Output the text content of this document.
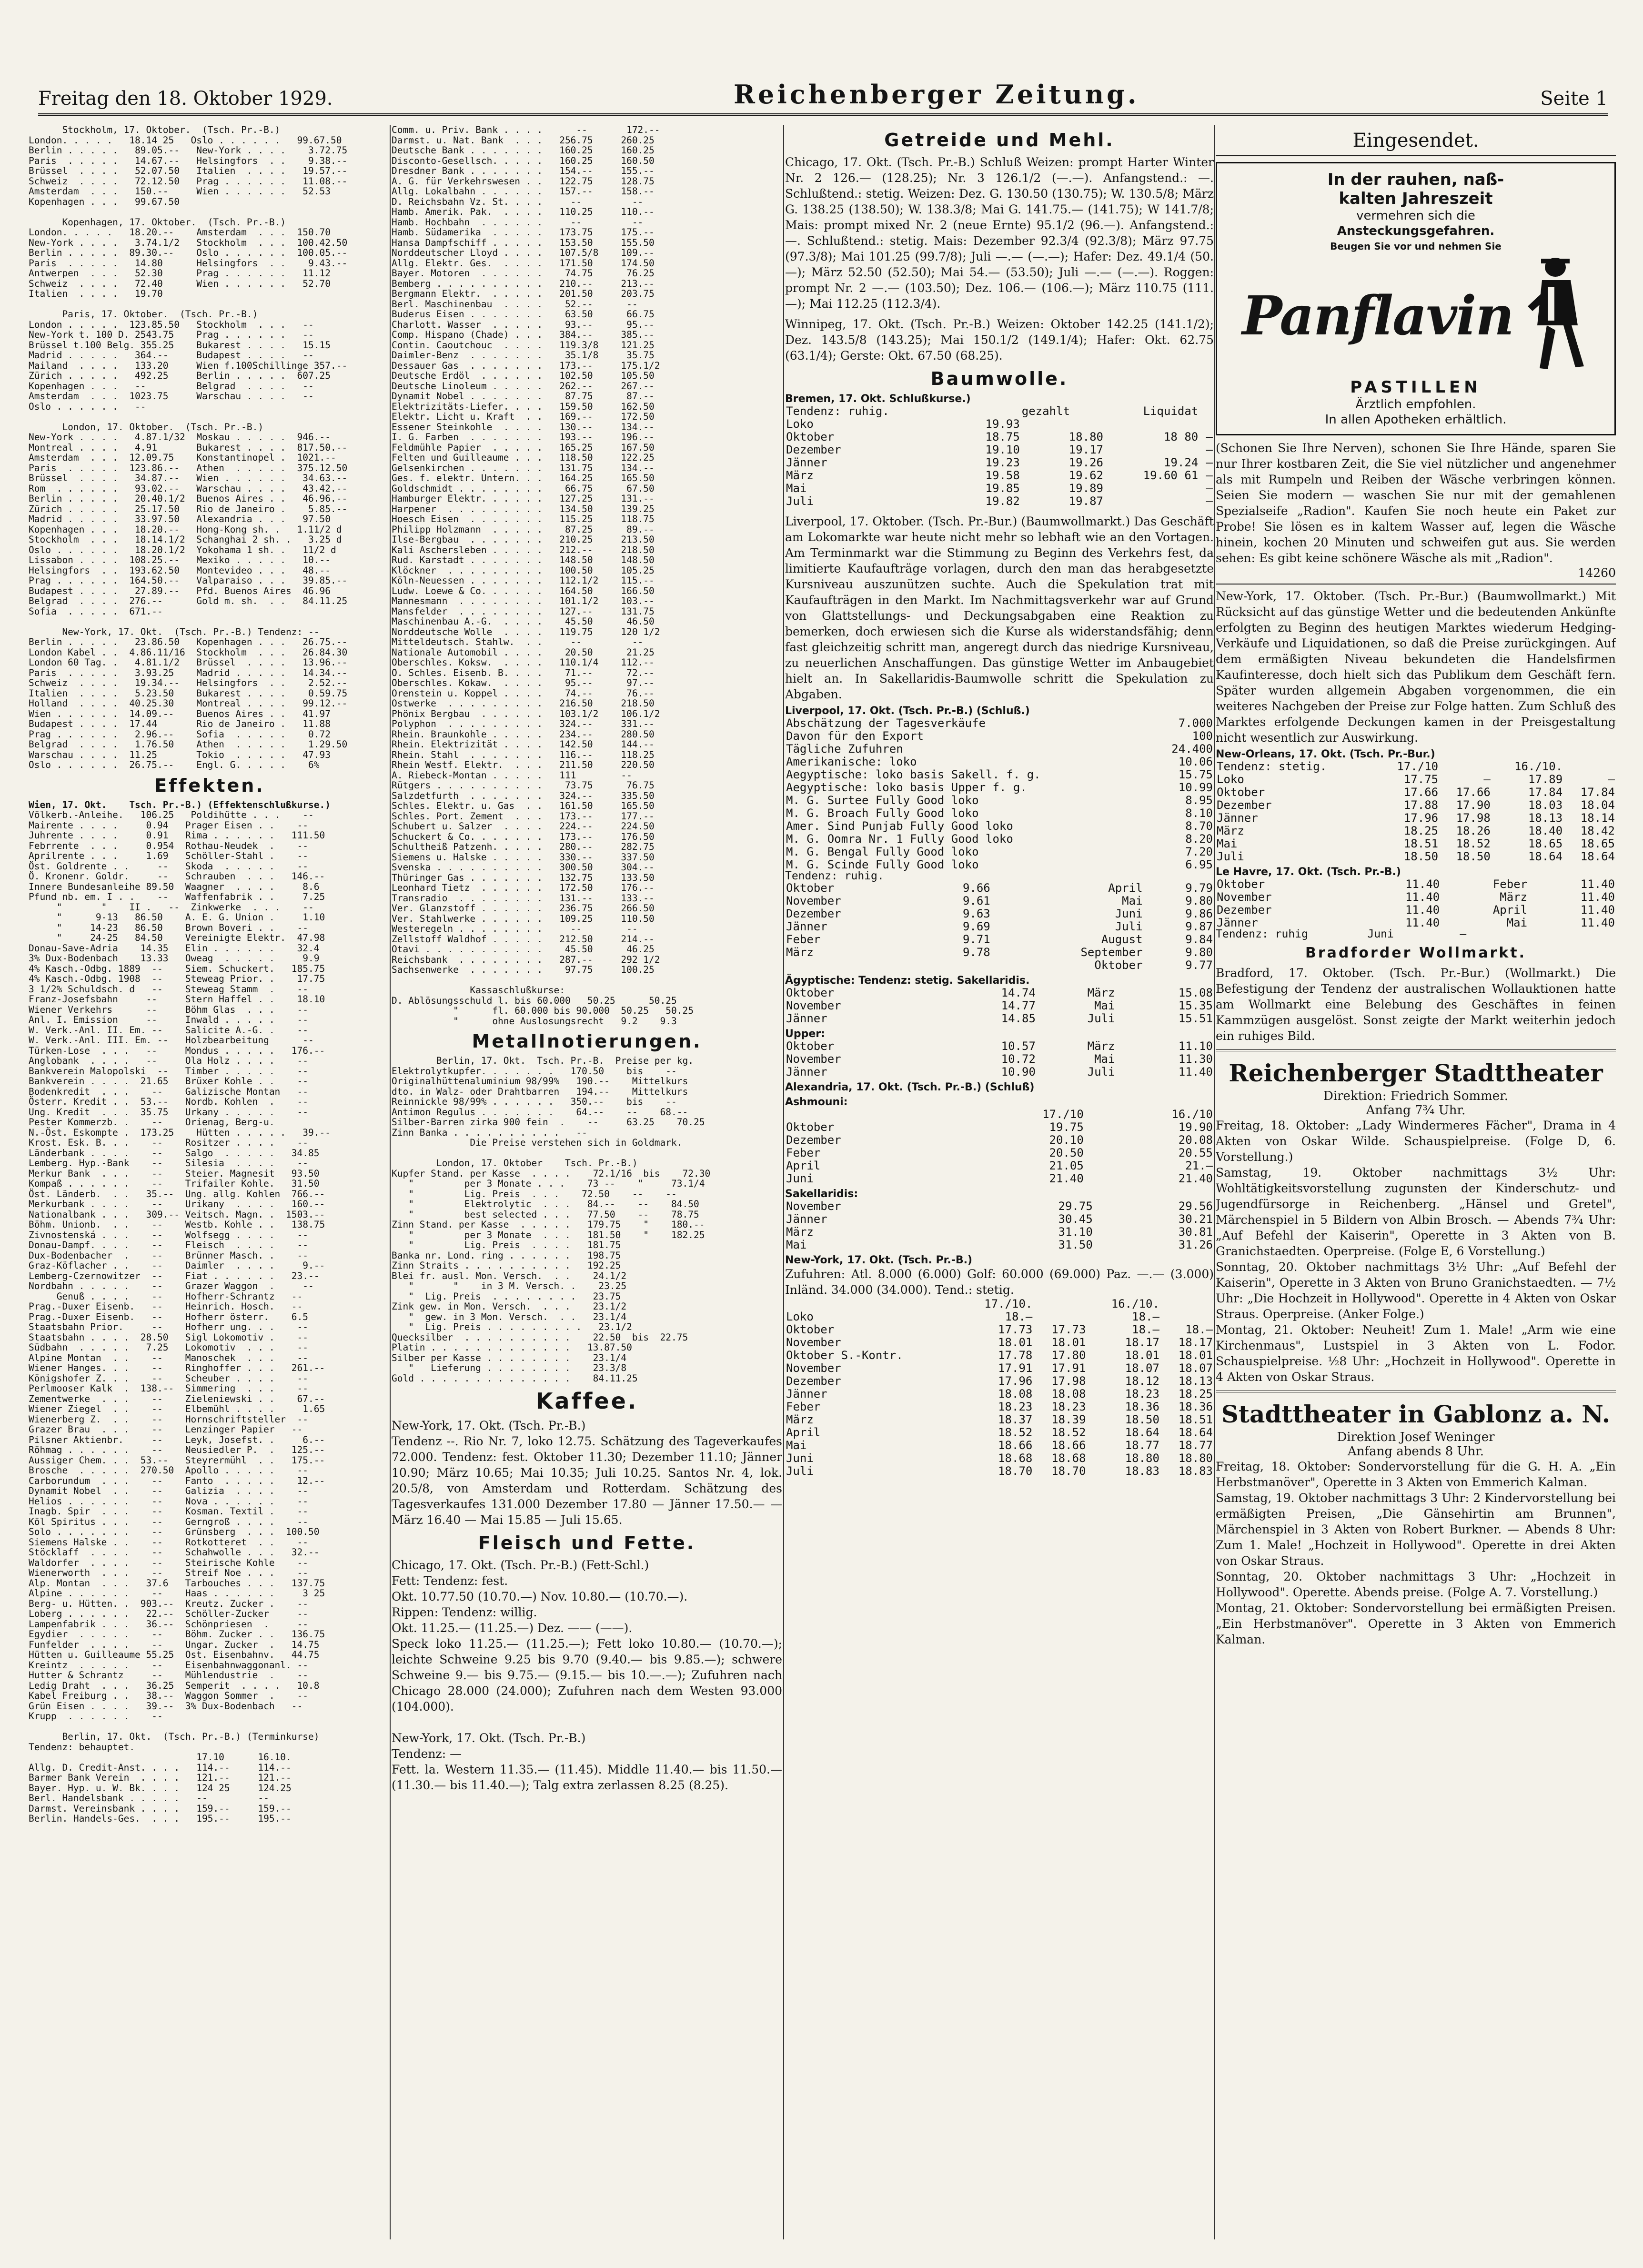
Freitag den 18. Oktober 1929.	Reichenberger Zeitung.	Seite 1
Stockholm, 17. Oktober.  (Tsch. Pr.-B.)
London. . . . .   18.14 25   Oslo . . . . . .   99.67.50
Berlin . . . . .   89.05.--   New-York . . . .    3.72.75
Paris  . . . . .   14.67.--   Helsingfors  . .    9.38.--
Brüssel  . . . .   52.07.50   Italien  . . . .   19.57.--
Schweiz  . . . .   72.12.50   Prag . . . . . .   11.08.--
Amsterdam  . . .   150.--     Wien . . . . . .   52.53
Kopenhagen . . .   99.67.50

Kopenhagen, 17. Oktober.  (Tsch. Pr.-B.)
London. . . . .   18.20.--    Amsterdam  . . .  150.70
New-York . . . .   3.74.1/2   Stockholm  . . .  100.42.50
Berlin . . . . .  89.30.--    Oslo . . . . . .  100.05.--
Paris  . . . . .   14.80      Helsingfors  . .    9.43.--
Antwerpen  . . .   52.30      Prag . . . . . .   11.12
Schweiz  . . . .   72.40      Wien . . . . . .   52.70
Italien  . . . .   19.70

Paris, 17. Oktober.  (Tsch. Pr.-B.)
London . . . . .  123.85.50   Stockholm  . . .   --
New-York t. 100 D. 2543.75    Prag . . . . . .   --
Brüssel t.100 Belg. 355.25    Bukarest . . . .   15.15
Madrid . . . . .   364.--     Budapest . . . .   --
Mailand  . . . .   133.20     Wien f.100Schillinge 357.--
Zürich . . . . .   492.25     Berlin . . . . .  607.25
Kopenhagen . . .   --         Belgrad  . . . .   --
Amsterdam  . . .  1023.75     Warschau . . . .   --
Oslo . . . . . .   --

London, 17. Oktober.  (Tsch. Pr.-B.)
New-York . . . .   4.87.1/32  Moskau . . . . .  946.--
Montreal . . . .   4.91       Bukarest . . . .  817.50.--
Amsterdam  . . .  12.09.75    Konstantinopel .  1021.--
Paris  . . . . .  123.86.--   Athen  . . . . .  375.12.50
Brüssel  . . . .   34.87.--   Wien . . . . . .   34.63.--
Rom  . . . . . .   93.02.--   Warschau . . . .   43.42.--
Berlin . . . . .   20.40.1/2  Buenos Aires . .   46.96.--
Zürich . . . . .   25.17.50   Rio de Janeiro .    5.85.--
Madrid . . . . .   33.97.50   Alexandria . . .   97.50
Kopenhagen . . .   18.20.--   Hong-Kong sh. .   1.11/2 d
Stockholm  . . .   18.14.1/2  Schanghai 2 sh. .   3.25 d
Oslo . . . . . .   18.20.1/2  Yokohama 1 sh. .   11/2 d
Lissabon . . . .  108.25.--   Mexiko . . . . .   10.--
Helsingfors  . .  193.62.50   Montevideo . . .   48.--
Prag . . . . . .  164.50.--   Valparaiso . . .   39.85.--
Budapest . . . .   27.89.--   Pfd. Buenos Aires  46.96
Belgrad  . . . .  276.--      Gold m. sh.  . .   84.11.25
Sofia  . . . . .  671.--

New-York, 17. Okt.  (Tsch. Pr.-B.) Tendenz: --
Berlin . . . . .   23.86.50   Kopenhagen . . .   26.75.--
London Kabel . .  4.86.11/16  Stockholm  . . .   26.84.30
London 60 Tag. .   4.81.1/2   Brüssel  . . . .   13.96.--
Paris  . . . . .   3.93.25    Madrid . . . . .   14.34.--
Schweiz  . . . .   19.34.--   Helsingfors  . .    2.52.--
Italien  . . . .   5.23.50    Bukarest . . . .    0.59.75
Holland  . . . .  40.25.30    Montreal . . . .   99.12.--
Wien . . . . . .  14.09.--    Buenos Aires . .   41.97
Budapest . . . .  17.44       Rio de Janeiro .   11.88
Prag . . . . . .   2.96.--    Sofia  . . . . .    0.72
Belgrad  . . . .   1.76.50    Athen  . . . . .    1.29.50
Warschau . . . .  11.25       Tokio  . . . . .   47.93
Oslo . . . . . .  26.75.--    Engl. G. . . . .    6%
Effekten.
Wien, 17. Okt.    Tsch. Pr.-B.) (Effektenschlußkurse.)
Völkerb.-Anleihe.   106.25   Poldihütte . . .    --
Mairente . . . .     0.94   Prager Eisen . .    --
Juhrente . . . .     0.91   Rima . . . . . .   111.50
Febrrente  . . .     0.954  Rothau-Neudek  .    --
Aprilrente . . .     1.69   Schöller-Stahl .    --
Öst. Goldrente . .     --   Skoda  . . . . .    --
Ö. Kronenr. Goldr.     --   Schrauben  . . .   146.--
Innere Bundesanleihe 89.50  Waagner  . . . .     8.6
Pfund nb. em. I . .    --   Waffenfabrik . .     7.25
"       "    II .   --  Zinkwerke  . . .    --
"      9-13   86.50    A. E. G. Union .     1.10
"     14-23   86.50    Brown Boveri . .    --
"     24-25   84.50    Vereinigte Elektr.  47.98
Donau-Save-Adria    14.35   Elin . . . . . .    32.4
3% Dux-Bodenbach    13.33   Oweag  . . . . .     9.9
4% Kasch.-Odbg. 1889  --    Siem. Schuckert.   185.75
4% Kasch.-Odbg. 1908  --    Steweag Prior. .    17.75
3 1/2% Schuldsch. d   --    Steweag Stamm  .    --
Franz-Josefsbahn     --     Stern Haffel . .    18.10
Wiener Verkehrs      --     Böhm Glas  . . .    --
Anl. I. Emission     --     Inwald . . . . .    --
W. Verk.-Anl. II. Em. --    Salicite A.-G. .    --
W. Verk.-Anl. III. Em. --   Holzbearbeitung      --
Türken-Lose  . . .   --     Mondus . . . . .   176.--
Anglobank  . . . .   --     Ola Holz . . . .    --
Bankverein Malopolski  --   Timber . . . . .    --
Bankverein . . . .  21.65   Brüxer Kohle . .    --
Bodenkredit  . . .    --    Galizische Montan   --
Österr. Kredit . .  53.--   Nordb. Kohlen  .    --
Ung. Kredit  . . .  35.75   Urkany . . . . .    --
Pester Kommerzb. .    --    Orienag, Berg-u.
N.-Öst. Eskompte .  173.25    Hütten . . . . .   39.--
Krost. Esk. B. . .    --    Rositzer . . . .    --
Länderbank . . . .    --    Salgo  . . . . .   34.85
Lemberg. Hyp.-Bank    --    Silesia  . . . .    --
Merkur Bank  . . .    --    Steier. Magnesit   93.50
Kompaß . . . . . .    --    Trifailer Kohle.   31.50
Öst. Länderb.  . .   35.--  Ung. allg. Kohlen  766.--
Merkurbank . . . .    --    Urikany  . . . .   160.--
Nationalbank . . .   309.-- Veitsch. Magn. .  1503.--
Böhm. Unionb.  . .    --    Westb. Kohle . .   138.75
Zivnostenská . . .    --    Wolfsegg . . . .    --
Donau-Dampf. . . .    --    Fleisch  . . . .    --
Dux-Bodenbacher  .    --    Brünner Masch. .    --
Graz-Köflacher . .    --    Daimler  . . . .     9.--
Lemberg-Czernowitzer  --    Fiat . . . . . .   23.--
Nordbahn . . . . .    --    Grazer Waggon  .     --
Genuß . . . .    --    Hofherr-Schrantz   --
Prag.-Duxer Eisenb.   --    Heinrich. Hosch.   --
Prag.-Duxer Eisenb.   --    Hofherr österr.    6.5
Staatsbahn Prior.     --    Hofherr ung. . .    --
Staatsbahn . . . .  28.50   Sigl Lokomotiv .    --
Südbahn  . . . . .   7.25   Lokomotiv  . . .    --
Alpine Montan  . .    --    Manoschek  . . .    --
Wiener Hanges. . .    --    Ringhoffer . . .   261.--
Königshofer Z. . .    --    Scheuber . . . .    --
Perlmooser Kalk  .  138.--  Simmering  . . .    --
Zementwerke  . . .    --    Zieleniewski . .    67.--
Wiener Ziegel  . .    --    Elbemühl . . . .     1.65
Wienerberg Z.  . .    --    Hornschriftsteller  --
Grazer Brau  . . .    --    Lenzinger Papier   --
Pilsner Aktienbr.     --    Leyk, Josefst. .     6.--
Röhmag . . . . . .    --    Neusiedler P.  .   125.--
Aussiger Chem. . .  53.--   Steyrermühl  . .   175.--
Brosche  . . . . .  270.50  Apollo . . . . .    --
Carborundum  . . .    --    Fanto  . . . . .    12.--
Dynamit Nobel  . .    --    Galizia  . . . .    --
Helios . . . . . .    --    Nova . . . . . .    --
Inagb. Spir  . . .    --    Kosman. Textil .    --
Köl Spiritus . . .    --    Gerngroß . . . .    --
Solo . . . . . . .    --    Grünsberg  . . .  100.50
Siemens Halske . .    --    Rotkotteret  . .    --
Stöcklaff  . . . .    --    Schahwolle . . .   32.--
Waldorfer  . . . .    --    Steirische Kohle    --
Wienerworth  . . .    --    Streif Noe . . .    --
Alp. Montan  . . .   37.6   Tarbouches . . .   137.75
Alpine . . . . . .    --    Haas . . . . . .     3 25
Berg- u. Hütten. .  903.--  Kreutz. Zucker .    --
Loberg . . . . . .   22.--  Schöller-Zucker     --
Lampenfabrik . . .   36.--  Schönpriesen  .     --
Egydier  . . . . .    --    Böhm. Zucker . .   136.75
Funfelder  . . . .    --    Ungar. Zucker  .   14.75
Hütten u. Guilleaume 55.25  Ost. Eisenbahnv.   44.75
Kreintz  . . . . .    --    Eisenbahnwaggonanl. --
Hutter & Schrantz     --    Mühlendustrie  .    --
Ledig Draht  . . .   36.25  Semperit  . . . .   10.8
Kabel Freiburg . .   38.--  Waggon Sommer  .    --
Grün Eisen . . . .   39.--  3% Dux-Bodenbach   --
Krupp  . . . . . .    --

Berlin, 17. Okt.  (Tsch. Pr.-B.) (Terminkurse)
Tendenz: behauptet.
17.10      16.10.
Allg. D. Credit-Anst. . . .   114.--     114.--
Barmer Bank Verein  . . . .   121.--     121.--
Bayer. Hyp. u. W. Bk. . . .   124 25     124.25
Berl. Handelsbank . . . . .   --         --
Darmst. Vereinsbank . . . .   159.--     159.--
Berlin. Handels-Ges.  . . .   195.--     195.--
Comm. u. Priv. Bank . . . .      --       172.--
Darmst. u. Nat. Bank  . . .   256.75     260.25
Deutsche Bank . . . . . . .   160.25     160.25
Disconto-Gesellsch. . . . .   160.25     160.50
Dresdner Bank . . . . . . .   154.--     155.--
A. G. für Verkehrswesen . .   122.75     128.75
Allg. Lokalbahn . . . . . .   157.--     158.--
D. Reichsbahn Vz. St. . . .     --         --
Hamb. Amerik. Pak.  . . . .   110.25     110.--
Hamb. Hochbahn  . . . . . .     --         --
Hamb. Südamerika  . . . . .   173.75     175.--
Hansa Dampfschiff . . . . .   153.50     155.50
Norddeutscher Lloyd . . . .   107.5/8    109.--
Allg. Elektr. Ges.  . . . .   171.50     174.50
Bayer. Motoren  . . . . . .    74.75      76.25
Bemberg . . . . . . . . . .   210.--     213.--
Bergmann Elektr.  . . . . .   201.50     203.75
Berl. Maschinenbau  . . . .    52.--      --
Buderus Eisen . . . . . . .    63.50      66.75
Charlott. Wasser  . . . . .    93.--      95.--
Comp. Hispano (Chade) . . .   384.--     385.--
Contin. Caoutchouc  . . . .   119.3/8    121.25
Daimler-Benz  . . . . . . .    35.1/8     35.75
Dessauer Gas  . . . . . . .   173.--     175.1/2
Deutsche Erdöl  . . . . . .   102.50     105.50
Deutsche Linoleum . . . . .   262.--     267.--
Dynamit Nobel . . . . . . .    87.75      87.--
Elektrizitäts-Liefer. . . .   159.50     162.50
Elektr. Licht u. Kraft  . .   169.--     172.50
Essener Steinkohle  . . . .   130.--     134.--
I. G. Farben  . . . . . . .   193.--     196.--
Feldmühle Papier  . . . . .   165.25     167.50
Felten und Guilleaume . . .   118.50     122.25
Gelsenkirchen . . . . . . .   131.75     134.--
Ges. f. elektr. Untern. . .   164.25     165.50
Goldschmidt . . . . . . . .    66.75      67.50
Hamburger Elektr. . . . . .   127.25     131.--
Harpener  . . . . . . . . .   134.50     139.25
Hoesch Eisen  . . . . . . .   115.25     118.75
Philipp Holzmann  . . . . .    87.25      89.--
Ilse-Bergbau  . . . . . . .   210.25     213.50
Kali Aschersleben . . . . .   212.--     218.50
Rud. Karstadt . . . . . . .   148.50     148.50
Klöckner  . . . . . . . . .   100.50     105.25
Köln-Neuessen . . . . . . .   112.1/2    115.--
Ludw. Loewe & Co. . . . . .   164.50     166.50
Mannesmann  . . . . . . . .   101.1/2    103.--
Mansfelder  . . . . . . . .   127.--     131.75
Maschinenbau A.-G.  . . . .    45.50      46.50
Norddeutsche Wolle  . . . .   119.75     120 1/2
Mitteldeutsch. Stahlw.  . .     --         --
Nationale Automobil . . . .    20.50      21.25
Oberschles. Koksw.  . . . .   110.1/4    112.--
O. Schles. Eisenb. B. . . .    71.--      72.--
Oberschles. Kokaw.  . . . .    95.--      97.--
Orenstein u. Koppel . . . .    74.--      76.--
Ostwerke  . . . . . . . . .   216.50     218.50
Phönix Bergbau  . . . . . .   103.1/2    106.1/2
Polyphon  . . . . . . . . .   324.--     331.--
Rhein. Braunkohle . . . . .   234.--     280.50
Rhein. Elektrizität . . . .   142.50     144.--
Rhein. Stahl  . . . . . . .   116.--     118.25
Rhein Westf. Elektr.  . . .   211.50     220.50
A. Riebeck-Montan . . . . .   111        --
Rütgers . . . . . . . . . .    73.75      76.75
Salzdetfurth  . . . . . . .   324.--     335.50
Schles. Elektr. u. Gas  . .   161.50     165.50
Schles. Port. Zement  . . .   173.--     177.--
Schubert u. Salzer  . . . .   224.--     224.50
Schuckert & Co. . . . . . .   173.--     176.50
Schultheiß Patzenh. . . . .   280.--     282.75
Siemens u. Halske . . . . .   330.--     337.50
Svenska . . . . . . . . . .   300.50     304.--
Thüringer Gas . . . . . . .   132.75     133.50
Leonhard Tietz  . . . . . .   172.50     176.--
Transradio  . . . . . . . .   131.--     133.--
Ver. Glanzstoff . . . . . .   236.75     266.50
Ver. Stahlwerke . . . . . .   109.25     110.50
Westeregeln . . . . . . . .     --        --
Zellstoff Waldhof . . . . .   212.50     214.--
Otavi . . . . . . . . . . .    45.50      46.25
Reichsbank  . . . . . . . .   287.--     292 1/2
Sachsenwerke  . . . . . . .    97.75     100.25

Kassaschlußkurse:
D. Ablösungsschuld l. bis 60.000   50.25      50.25
"      fl. 60.000 bis 90.000  50.25   50.25
"      ohne Auslosungsrecht   9.2    9.3
Metallnotierungen.
Berlin, 17. Okt.  Tsch. Pr.-B.  Preise per kg.
Elektrolytkupfer. . . . . . .   170.50    bis    --
Originalhüttenaluminium 98/99%   190.--    Mittelkurs
dto. in Walz- oder Drahtbarren   194.--    Mittelkurs
Reinnickle 98/99% . . . . . .   350.--    bis    --
Antimon Regulus . . . . . . .    64.--    --    68.--
Silber-Barren zirka 900 fein  .    --     63.25    70.25
Zinn Banka . . . . . . . . . .   --
Die Preise verstehen sich in Goldmark.

London, 17. Oktober    Tsch. Pr.-B.)
Kupfer Stand. per Kasse  . . . .    72.1/16  bis    72.30
"         per 3 Monate . . .    73 --    "     73.1/4
"         Lig. Preis  . . .    72.50    --    --
"         Elektrolytic  . . .   84.--    --    84.50
"         best selected . . .   77.50    --    78.75
Zinn Stand. per Kasse  . . . . .   179.75    "    180.--
"         per 3 Monate  . . .   181.50    "    182.25
"         Lig. Preis  . . . .   181.75
Banka nr. Lond. ring . . . . . .   198.75
Zinn Straits . . . . . . . . . .   192.25
Blei fr. ausl. Mon. Versch.  . .    24.1/2
"       "    in 3 M. Versch. .    23.25
"  Lig. Preis  . . . . . . . .   23.75
Zink gew. in Mon. Versch.  . . .    23.1/2
"  gew. in 3 Mon. Versch.  . .   23.1/4
"  Lig. Preis . . . . . . . . .   23.1/2
Quecksilber  . . . . . . . . . .    22.50  bis  22.75
Platin . . . . . . . . . . . . .   13.87.50
Silber per Kasse . . . . . . . .    23.1/4
"   Lieferung . . . . . . . .    23.3/8
Gold . . . . . . . . . . . . . .    84.11.25
Kaffee.
New-York, 17. Okt. (Tsch. Pr.-B.)
Tendenz --. Rio Nr. 7, loko 12.75. Schätzung des Tageverkaufes 72.000. Tendenz: fest. Oktober 11.30; Dezember 11.10; Jänner 10.90; März 10.65; Mai 10.35; Juli 10.25. Santos Nr. 4, lok. 20.5/8, von Amsterdam und Rotterdam. Schätzung des Tagesverkaufes 131.000 Dezember 17.80 — Jänner 17.50.— — März 16.40 — Mai 15.85 — Juli 15.65.
Fleisch und Fette.
Chicago, 17. Okt. (Tsch. Pr.-B.) (Fett-Schl.)
Fett: Tendenz: fest.
Okt. 10.77.50 (10.70.—) Nov. 10.80.— (10.70.—).
Rippen: Tendenz: willig.
Okt. 11.25.— (11.25.—) Dez. —— (——).
Speck loko 11.25.— (11.25.—); Fett loko 10.80.— (10.70.—); leichte Schweine 9.25 bis 9.70 (9.40.— bis 9.85.—); schwere Schweine 9.— bis 9.75.— (9.15.— bis 10.—.—); Zufuhren nach Chicago 28.000 (24.000); Zufuhren nach dem Westen 93.000 (104.000).

New-York, 17. Okt. (Tsch. Pr.-B.)
Tendenz: —
Fett. la. Western 11.35.— (11.45). Middle 11.40.— bis 11.50.— (11.30.— bis 11.40.—); Talg extra zerlassen 8.25 (8.25).
Getreide und Mehl.
Chicago, 17. Okt. (Tsch. Pr.-B.) Schluß Weizen: prompt Harter Winter Nr. 2 126.— (128.25); Nr. 3 126.1/2 (—.—). Anfangstend.: —. Schlußtend.: stetig. Weizen: Dez. G. 130.50 (130.75); W. 130.5/8; März G. 138.25 (138.50); W. 138.3/8; Mai G. 141.75.— (141.75); W 141.7/8; Mais: prompt mixed Nr. 2 (neue Ernte) 95.1/2 (96.—). Anfangstend.: —. Schlußtend.: stetig. Mais: Dezember 92.3/4 (92.3/8); März 97.75 (97.3/8); Mai 101.25 (99.7/8); Juli —.— (—.—); Hafer: Dez. 49.1/4 (50.—); März 52.50 (52.50); Mai 54.— (53.50); Juli —.— (—.—). Roggen: prompt Nr. 2 —.— (103.50); Dez. 106.— (106.—); März 110.75 (111.—); Mai 112.25 (112.3/4).
Winnipeg, 17. Okt. (Tsch. Pr.-B.) Weizen: Oktober 142.25 (141.1/2); Dez. 143.5/8 (143.25); Mai 150.1/2 (149.1/4); Hafer: Okt. 62.75 (63.1/4); Gerste: Okt. 67.50 (68.25).
Baumwolle.
Bremen, 17. Okt. Schlußkurse.)
Tendenz: ruhig.		gezahlt	Liquidat	
Loko	19.93			
Oktober	18.75	18.80	18 80	—
Dezember	19.10	19.17		—
Jänner	19.23	19.26	19.24	—
März	19.58	19.62	19.60 61	—
Mai	19.85	19.89		—
Juli	19.82	19.87		—
Liverpool, 17. Oktober. (Tsch. Pr.-Bur.) (Baumwollmarkt.) Das Geschäft am Lokomarkte war heute nicht mehr so lebhaft wie an den Vortagen. Am Terminmarkt war die Stimmung zu Beginn des Verkehrs fest, da limitierte Kaufaufträge vorlagen, durch den man das herabgesetzte Kursniveau auszunützen suchte. Auch die Spekulation trat mit Kaufaufträgen in den Markt. Im Nachmittagsverkehr war auf Grund von Glattstellungs- und Deckungsabgaben eine Reaktion zu bemerken, doch erwiesen sich die Kurse als widerstandsfähig; denn fast gleichzeitig schritt man, angeregt durch das niedrige Kursniveau, zu neuerlichen Anschaffungen. Das günstige Wetter im Anbaugebiet hielt an. In Sakellaridis-Baumwolle schritt die Spekulation zu Abgaben.
Liverpool, 17. Okt. (Tsch. Pr.-B.) (Schluß.)
Abschätzung der Tagesverkäufe	7.000
Davon für den Export	100
Tägliche Zufuhren	24.400
Amerikanische: loko	10.06
Aegyptische: loko basis Sakell. f. g.	15.75
Aegyptische: loko basis Upper f. g.	10.99
M. G. Surtee Fully Good loko	8.95
M. G. Broach Fully Good loko	8.10
Amer. Sind Punjab Fully Good loko	8.70
M. G. Oomra Nr. 1 Fully Good loko	8.20
M. G. Bengal Fully Good loko	7.20
M. G. Scinde Fully Good loko	6.95
Tendenz: ruhig.
Oktober	9.66	April	9.79
November	9.61	Mai	9.80
Dezember	9.63	Juni	9.86
Jänner	9.69	Juli	9.87
Feber	9.71	August	9.84
März	9.78	September	9.80
		Oktober	9.77
Ägyptische: Tendenz: stetig. Sakellaridis.
Oktober	14.74	März	15.08
November	14.77	Mai	15.35
Jänner	14.85	Juli	15.51
Upper:
Oktober	10.57	März	11.10
November	10.72	Mai	11.30
Jänner	10.90	Juli	11.40
Alexandria, 17. Okt. (Tsch. Pr.-B.) (Schluß)
Ashmouni:
	17./10	16./10
Oktober	19.75	19.90
Dezember	20.10	20.08
Feber	20.50	20.55
April	21.05	21.—
Juni	21.40	21.40
Sakellaridis:
November	29.75	29.56
Jänner	30.45	30.21
März	31.10	30.81
Mai	31.50	31.26
New-York, 17. Okt. (Tsch. Pr.-B.)
Zufuhren: Atl. 8.000 (6.000) Golf: 60.000 (69.000) Paz. —.— (3.000) Inländ. 34.000 (34.000). Tend.: stetig.
	17./10.		16./10.	
Loko	18.—		18.—	
Oktober	17.73	17.73	18.—	18.—
November	18.01	18.01	18.17	18.17
Oktober S.-Kontr.	17.78	17.80	18.01	18.01
November	17.91	17.91	18.07	18.07
Dezember	17.96	17.98	18.12	18.13
Jänner	18.08	18.08	18.23	18.25
Feber	18.23	18.23	18.36	18.36
März	18.37	18.39	18.50	18.51
April	18.52	18.52	18.64	18.64
Mai	18.66	18.66	18.77	18.77
Juni	18.68	18.68	18.80	18.80
Juli	18.70	18.70	18.83	18.83
Eingesendet.
In der rauhen, naß-
kalten Jahreszeit
vermehren sich die
Ansteckungsgefahren.
Beugen Sie vor und nehmen Sie
Panflavin
PASTILLEN
Ärztlich empfohlen.
In allen Apotheken erhältlich.
(Schonen Sie Ihre Nerven), schonen Sie Ihre Hände, sparen Sie nur Ihrer kostbaren Zeit, die Sie viel nützlicher und angenehmer als mit Rumpeln und Reiben der Wäsche verbringen können. Seien Sie modern — waschen Sie nur mit der gemahlenen Spezialseife „Radion". Kaufen Sie noch heute ein Paket zur Probe! Sie lösen es in kaltem Wasser auf, legen die Wäsche hinein, kochen 20 Minuten und schweifen gut aus. Sie werden sehen: Es gibt keine schönere Wäsche als mit „Radion".
14260
New-York, 17. Oktober. (Tsch. Pr.-Bur.) (Baumwollmarkt.) Mit Rücksicht auf das günstige Wetter und die bedeutenden Ankünfte erfolgten zu Beginn des heutigen Marktes wiederum Hedging-Verkäufe und Liquidationen, so daß die Preise zurückgingen. Auf dem ermäßigten Niveau bekundeten die Handelsfirmen Kaufinteresse, doch hielt sich das Publikum dem Geschäft fern. Später wurden allgemein Abgaben vorgenommen, die ein weiteres Nachgeben der Preise zur Folge hatten. Zum Schluß des Marktes erfolgende Deckungen kamen in der Preisgestaltung nicht wesentlich zur Auswirkung.
New-Orleans, 17. Okt. (Tsch. Pr.-Bur.)
Tendenz: stetig.	17./10		16./10.	
Loko	17.75	—	17.89	—
Oktober	17.66	17.66	17.84	17.84
Dezember	17.88	17.90	18.03	18.04
Jänner	17.96	17.98	18.13	18.14
März	18.25	18.26	18.40	18.42
Mai	18.51	18.52	18.65	18.65
Juli	18.50	18.50	18.64	18.64
Le Havre, 17. Okt. (Tsch. Pr.-B.)
Oktober	11.40	Feber	11.40
November	11.40	März	11.40
Dezember	11.40	April	11.40
Jänner	11.40	Mai	11.40
Tendenz: ruhig         Juni          —
Bradforder Wollmarkt.
Bradford, 17. Oktober. (Tsch. Pr.-Bur.) (Wollmarkt.) Die Befestigung der Tendenz der australischen Wollauktionen hatte am Wollmarkt eine Belebung des Geschäftes in feinen Kammzügen ausgelöst. Sonst zeigte der Markt weiterhin jedoch ein ruhiges Bild.
Reichenberger Stadttheater
Direktion: Friedrich Sommer.
Anfang 7¾ Uhr.
Freitag, 18. Oktober: „Lady Windermeres Fächer", Drama in 4 Akten von Oskar Wilde. Schauspielpreise. (Folge D, 6. Vorstellung.)
Samstag, 19. Oktober nachmittags 3½ Uhr: Wohltätigkeitsvorstellung zugunsten der Kinderschutz- und Jugendfürsorge in Reichenberg. „Hänsel und Gretel", Märchenspiel in 5 Bildern von Albin Brosch. — Abends 7¾ Uhr: „Auf Befehl der Kaiserin", Operette in 3 Akten von B. Granichstaedten. Operpreise. (Folge E, 6 Vorstellung.)
Sonntag, 20. Oktober nachmittags 3½ Uhr: „Auf Befehl der Kaiserin", Operette in 3 Akten von Bruno Granichstaedten. — 7½ Uhr: „Die Hochzeit in Hollywood". Operette in 4 Akten von Oskar Straus. Operpreise. (Anker Folge.)
Montag, 21. Oktober: Neuheit! Zum 1. Male! „Arm wie eine Kirchenmaus", Lustspiel in 3 Akten von L. Fodor. Schauspielpreise. ½8 Uhr: „Hochzeit in Hollywood". Operette in 4 Akten von Oskar Straus.
Stadttheater in Gablonz a. N.
Direktion Josef Weninger
Anfang abends 8 Uhr.
Freitag, 18. Oktober: Sondervorstellung für die G. H. A. „Ein Herbstmanöver", Operette in 3 Akten von Emmerich Kalman.
Samstag, 19. Oktober nachmittags 3 Uhr: 2 Kindervorstellung bei ermäßigten Preisen, „Die Gänsehirtin am Brunnen", Märchenspiel in 3 Akten von Robert Burkner. — Abends 8 Uhr: Zum 1. Male! „Hochzeit in Hollywood". Operette in drei Akten von Oskar Straus.
Sonntag, 20. Oktober nachmittags 3 Uhr: „Hochzeit in Hollywood". Operette. Abends preise. (Folge A. 7. Vorstellung.)
Montag, 21. Oktober: Sondervorstellung bei ermäßigten Preisen. „Ein Herbstmanöver". Operette in 3 Akten von Emmerich Kalman.
